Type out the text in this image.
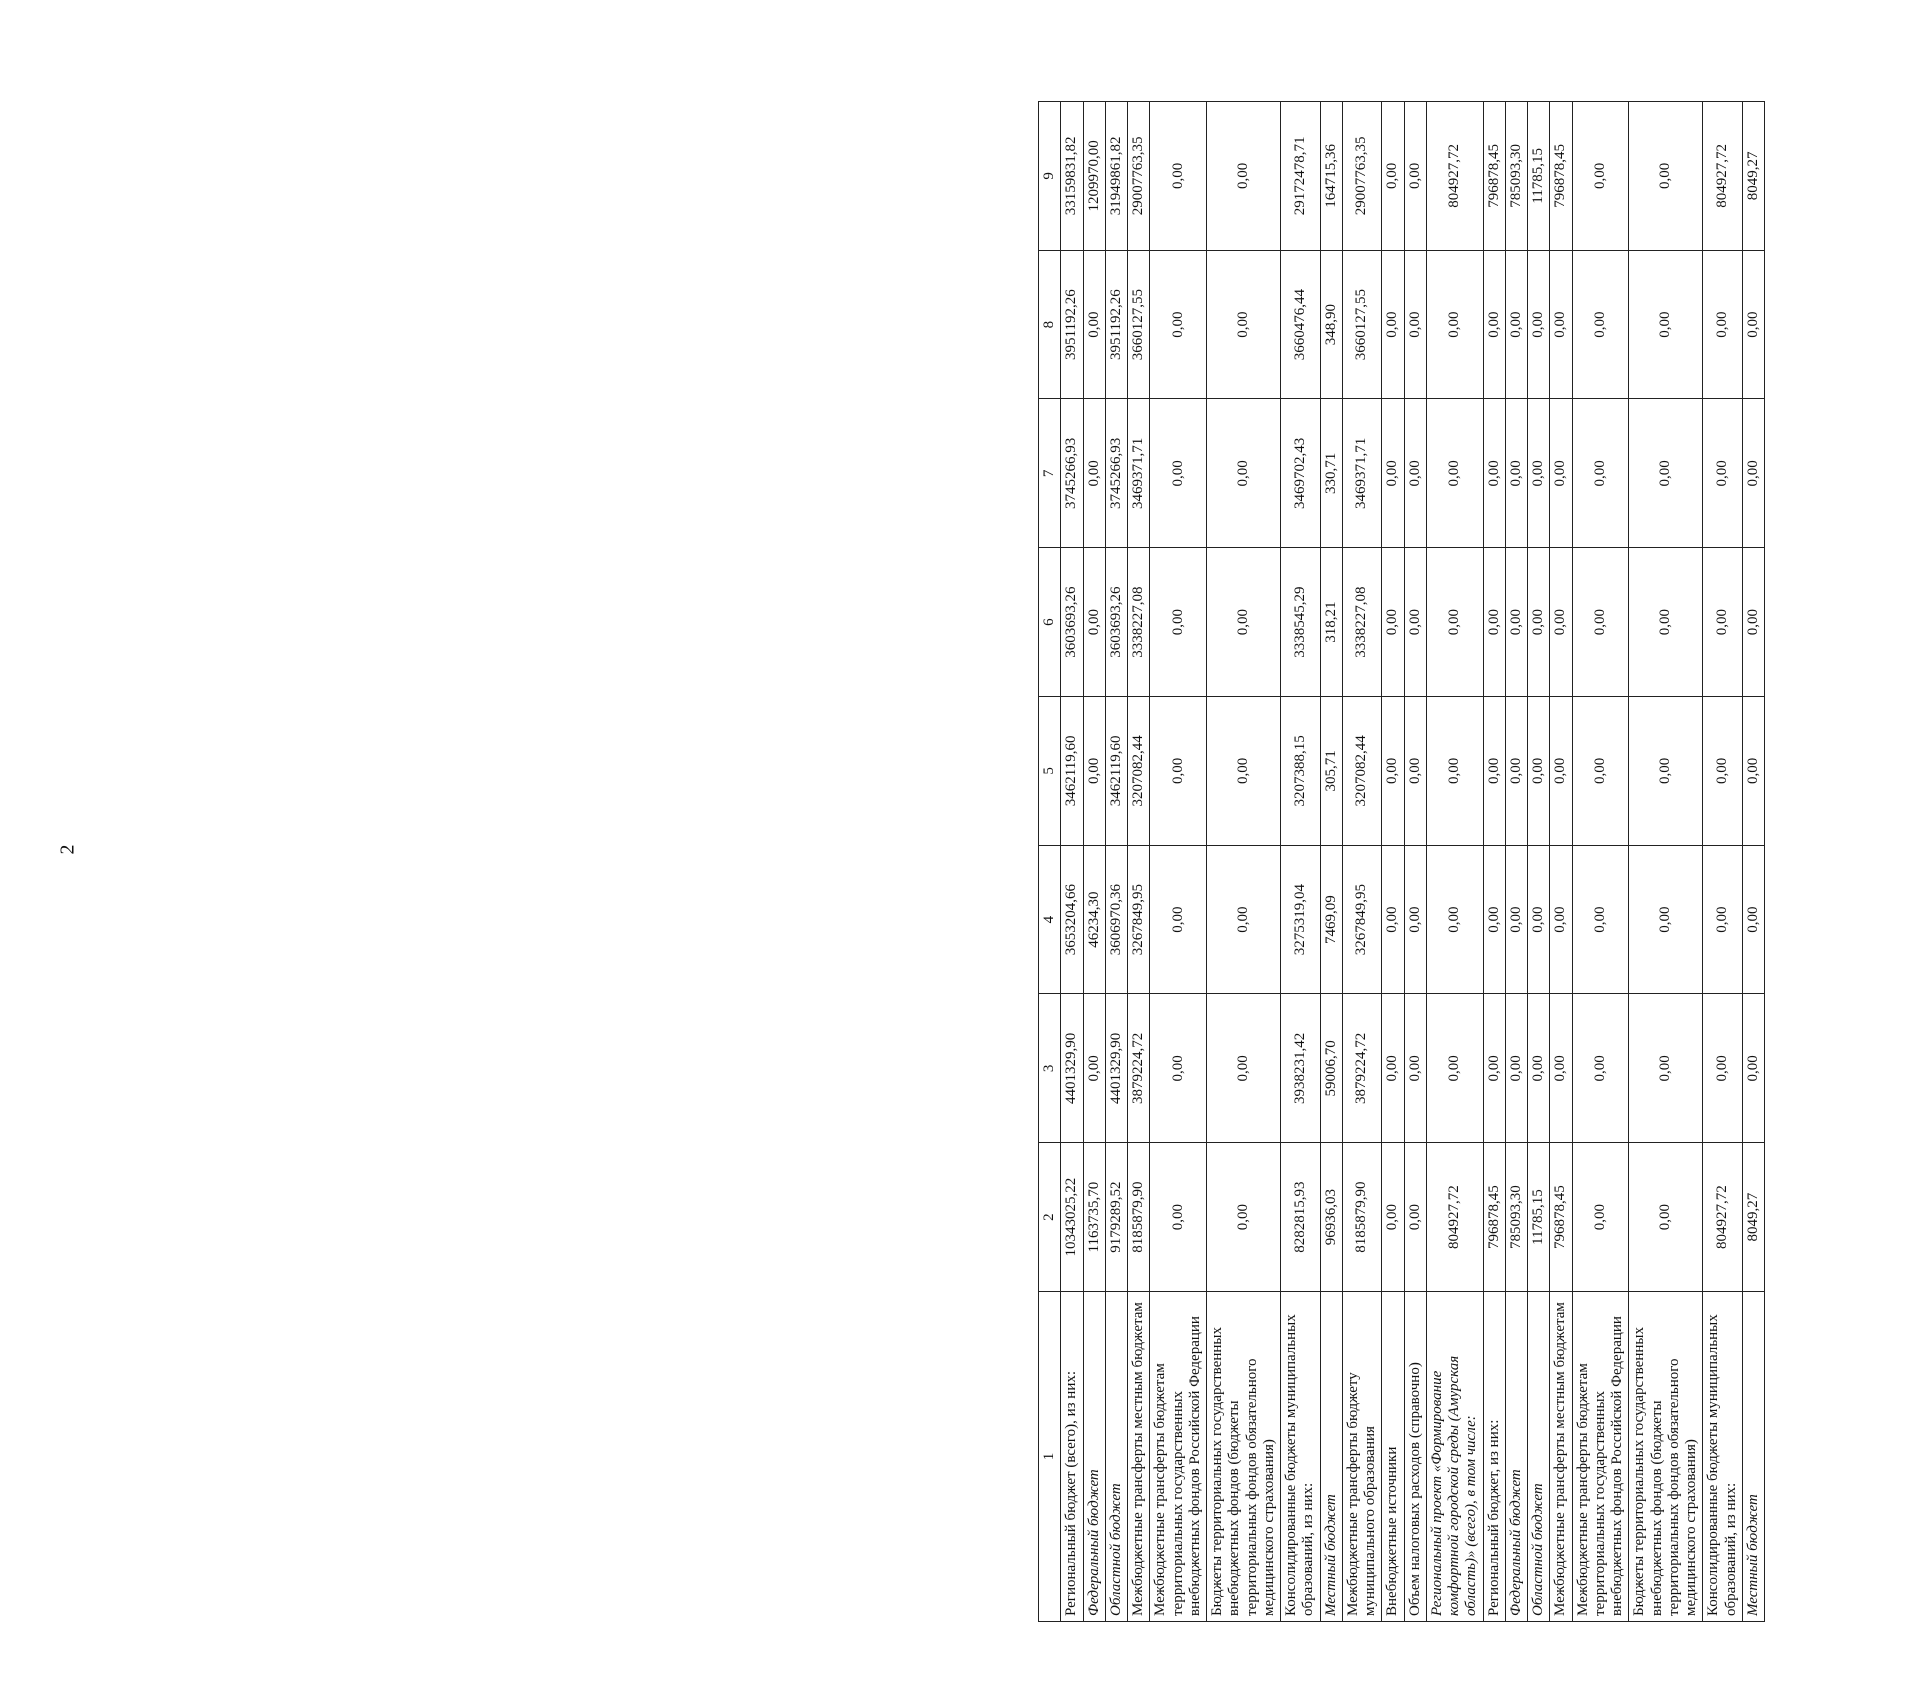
2
1	2	3	4	5	6	7	8	9
Региональный бюджет (всего), из них:	10343025,22	4401329,90	3653204,66	3462119,60	3603693,26	3745266,93	3951192,26	33159831,82
Федеральный бюджет	1163735,70	0,00	46234,30	0,00	0,00	0,00	0,00	1209970,00
Областной бюджет	9179289,52	4401329,90	3606970,36	3462119,60	3603693,26	3745266,93	3951192,26	31949861,82
Межбюджетные трансферты местным бюджетам	8185879,90	3879224,72	3267849,95	3207082,44	3338227,08	3469371,71	3660127,55	29007763,35
Межбюджетные трансферты бюджетам территориальных государственных внебюджетных фондов Российской Федерации	0,00	0,00	0,00	0,00	0,00	0,00	0,00	0,00
Бюджеты территориальных государственных внебюджетных фондов (бюджеты территориальных фондов обязательного медицинского страхования)	0,00	0,00	0,00	0,00	0,00	0,00	0,00	0,00
Консолидированные бюджеты муниципальных образований, из них:	8282815,93	3938231,42	3275319,04	3207388,15	3338545,29	3469702,43	3660476,44	29172478,71
Местный бюджет	96936,03	59006,70	7469,09	305,71	318,21	330,71	348,90	164715,36
Межбюджетные трансферты бюджету муниципального образования	8185879,90	3879224,72	3267849,95	3207082,44	3338227,08	3469371,71	3660127,55	29007763,35
Внебюджетные источники	0,00	0,00	0,00	0,00	0,00	0,00	0,00	0,00
Объем налоговых расходов (справочно)	0,00	0,00	0,00	0,00	0,00	0,00	0,00	0,00
Региональный проект «Формирование комфортной городской среды (Амурская область)» (всего), в том числе:	804927,72	0,00	0,00	0,00	0,00	0,00	0,00	804927,72
Региональный бюджет, из них:	796878,45	0,00	0,00	0,00	0,00	0,00	0,00	796878,45
Федеральный бюджет	785093,30	0,00	0,00	0,00	0,00	0,00	0,00	785093,30
Областной бюджет	11785,15	0,00	0,00	0,00	0,00	0,00	0,00	11785,15
Межбюджетные трансферты местным бюджетам	796878,45	0,00	0,00	0,00	0,00	0,00	0,00	796878,45
Межбюджетные трансферты бюджетам территориальных государственных внебюджетных фондов Российской Федерации	0,00	0,00	0,00	0,00	0,00	0,00	0,00	0,00
Бюджеты территориальных государственных внебюджетных фондов (бюджеты территориальных фондов обязательного медицинского страхования)	0,00	0,00	0,00	0,00	0,00	0,00	0,00	0,00
Консолидированные бюджеты муниципальных образований, из них:	804927,72	0,00	0,00	0,00	0,00	0,00	0,00	804927,72
Местный бюджет	8049,27	0,00	0,00	0,00	0,00	0,00	0,00	8049,27
